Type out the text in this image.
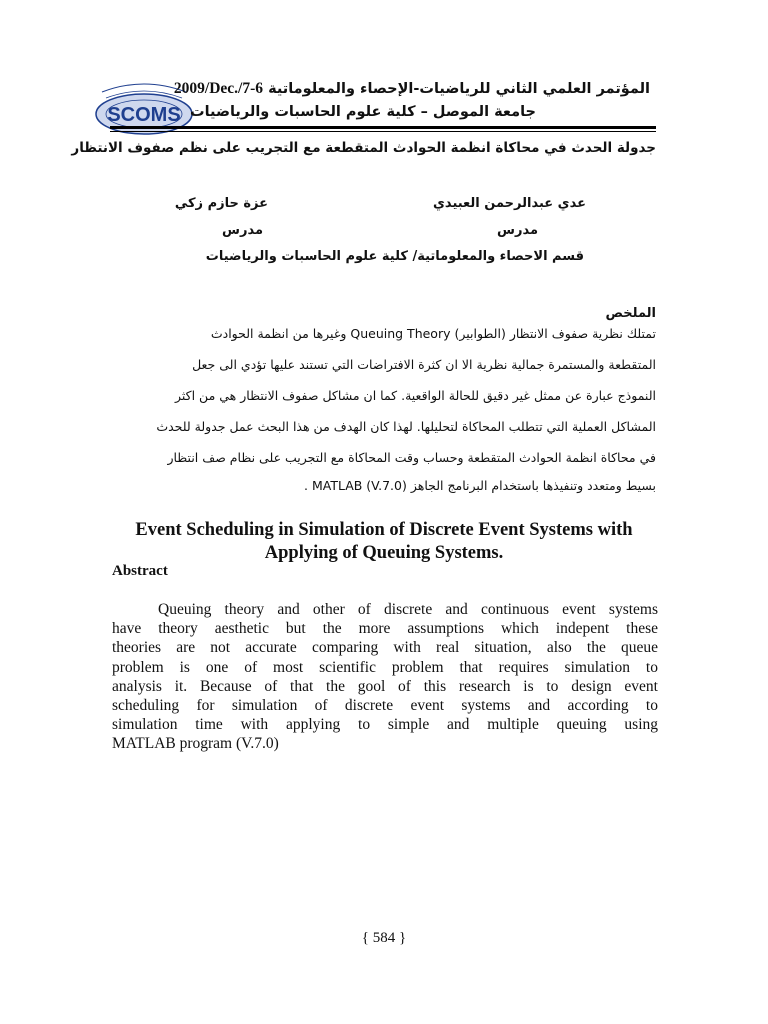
SCOMS
المؤتمر العلمي الثاني للرياضيات-الإحصاء والمعلوماتية 2009/Dec./7-6
جامعة الموصل – كلية علوم الحاسبات والرياضيات
جدولة الحدث في محاكاة انظمة الحوادث المتقطعة مع التجريب على نظم صفوف الانتظار
عدي عبدالرحمن العبيدي
عزة حازم زكي
مدرس
مدرس
قسم الاحصاء والمعلوماتية/ كلية علوم الحاسبات والرياضيات
الملخص
تمتلك نظرية صفوف الانتظار (الطوابير) Queuing Theory وغيرها من انظمة الحوادث
المتقطعة والمستمرة جمالية نظرية الا ان كثرة الافتراضات التي تستند عليها تؤدي الى جعل
النموذج عبارة عن ممثل غير دقيق للحالة الواقعية. كما ان مشاكل صفوف الانتظار هي من اكثر
المشاكل العملية التي تتطلب المحاكاة لتحليلها. لهذا كان الهدف من هذا البحث عمل جدولة للحدث
في محاكاة انظمة الحوادث المتقطعة وحساب وقت المحاكاة مع التجريب على نظام صف انتظار
بسيط ومتعدد وتنفيذها باستخدام البرنامج الجاهز MATLAB (V.7.0) .
Event Scheduling in Simulation of Discrete Event Systems with
Applying of Queuing Systems.
Abstract
Queuing theory and other of discrete and continuous event systems
have theory aesthetic but the more assumptions which indepent these
theories are not accurate comparing with real situation, also the queue
problem is one of most scientific problem that requires simulation to
analysis it. Because of that the gool of this research is to design event
scheduling for simulation of discrete event systems and according to
simulation time with applying to simple and multiple queuing using
MATLAB program (V.7.0)
{ 584 }
